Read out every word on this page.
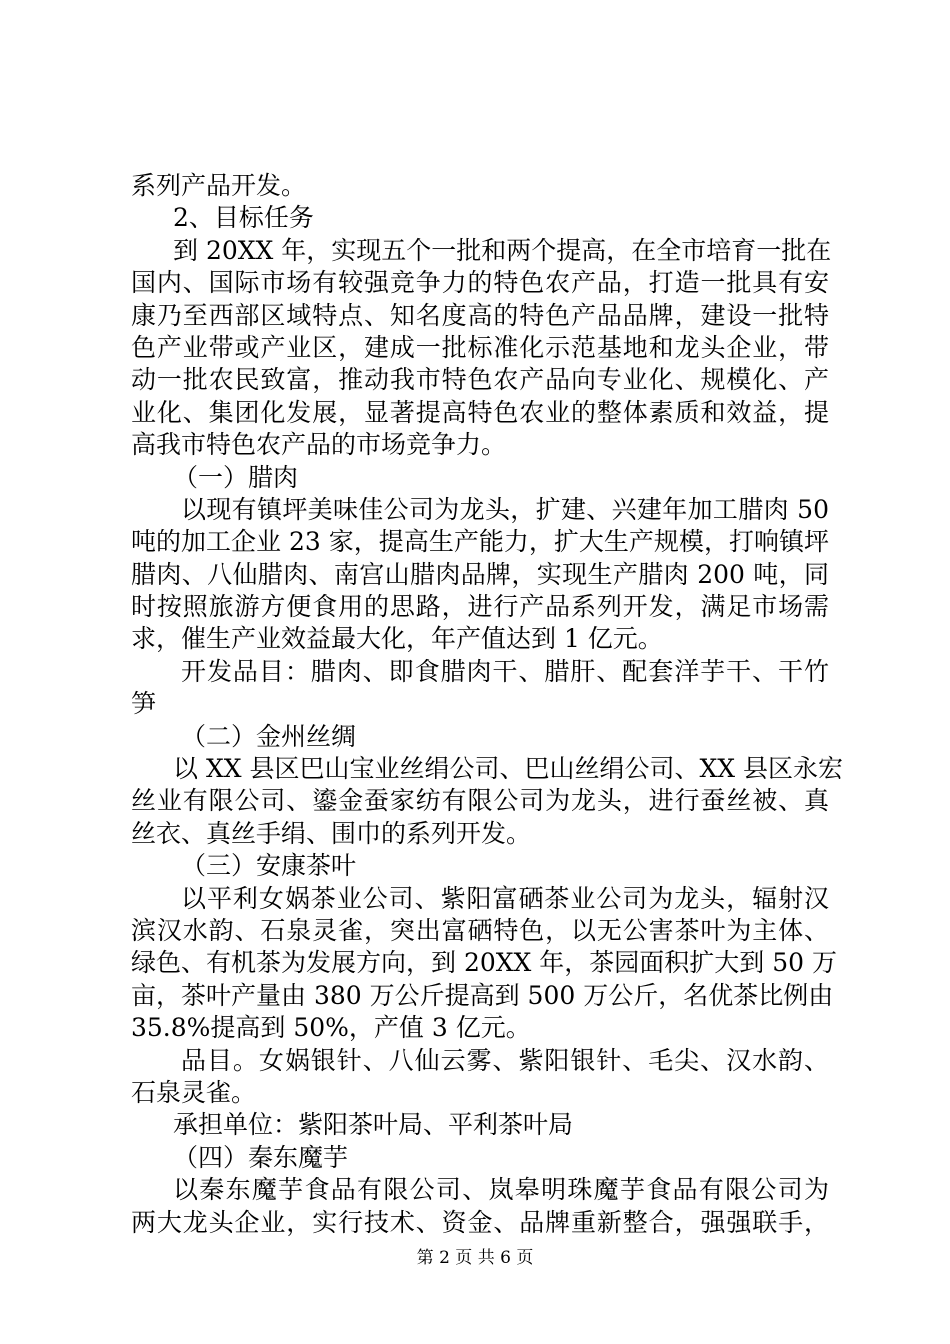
系列产品开发。
2、目标任务
到 20XX 年，实现五个一批和两个提高，在全市培育一批在
国内、国际市场有较强竞争力的特色农产品，打造一批具有安
康乃至西部区域特点、知名度高的特色产品品牌，建设一批特
色产业带或产业区，建成一批标准化示范基地和龙头企业，带
动一批农民致富，推动我市特色农产品向专业化、规模化、产
业化、集团化发展，显著提高特色农业的整体素质和效益，提
高我市特色农产品的市场竞争力。
（一）腊肉
以现有镇坪美味佳公司为龙头，扩建、兴建年加工腊肉 50
吨的加工企业 23 家，提高生产能力，扩大生产规模，打响镇坪
腊肉、八仙腊肉、南宫山腊肉品牌，实现生产腊肉 200 吨，同
时按照旅游方便食用的思路，进行产品系列开发，满足市场需
求，催生产业效益最大化，年产值达到 1 亿元。
开发品目：腊肉、即食腊肉干、腊肝、配套洋芋干、干竹
笋
（二）金州丝绸
以 XX 县区巴山宝业丝绢公司、巴山丝绢公司、XX 县区永宏
丝业有限公司、鎏金蚕家纺有限公司为龙头，进行蚕丝被、真
丝衣、真丝手绢、围巾的系列开发。
（三）安康茶叶
以平利女娲茶业公司、紫阳富硒茶业公司为龙头，辐射汉
滨汉水韵、石泉灵雀，突出富硒特色，以无公害茶叶为主体、
绿色、有机茶为发展方向，到 20XX 年，茶园面积扩大到 50 万
亩，茶叶产量由 380 万公斤提高到 500 万公斤，名优茶比例由
35.8%提高到 50%，产值 3 亿元。
品目。女娲银针、八仙云雾、紫阳银针、毛尖、汉水韵、
石泉灵雀。
承担单位：紫阳茶叶局、平利茶叶局
（四）秦东魔芋
以秦东魔芋食品有限公司、岚皋明珠魔芋食品有限公司为
两大龙头企业，实行技术、资金、品牌重新整合，强强联手，
第 2 页 共 6 页
